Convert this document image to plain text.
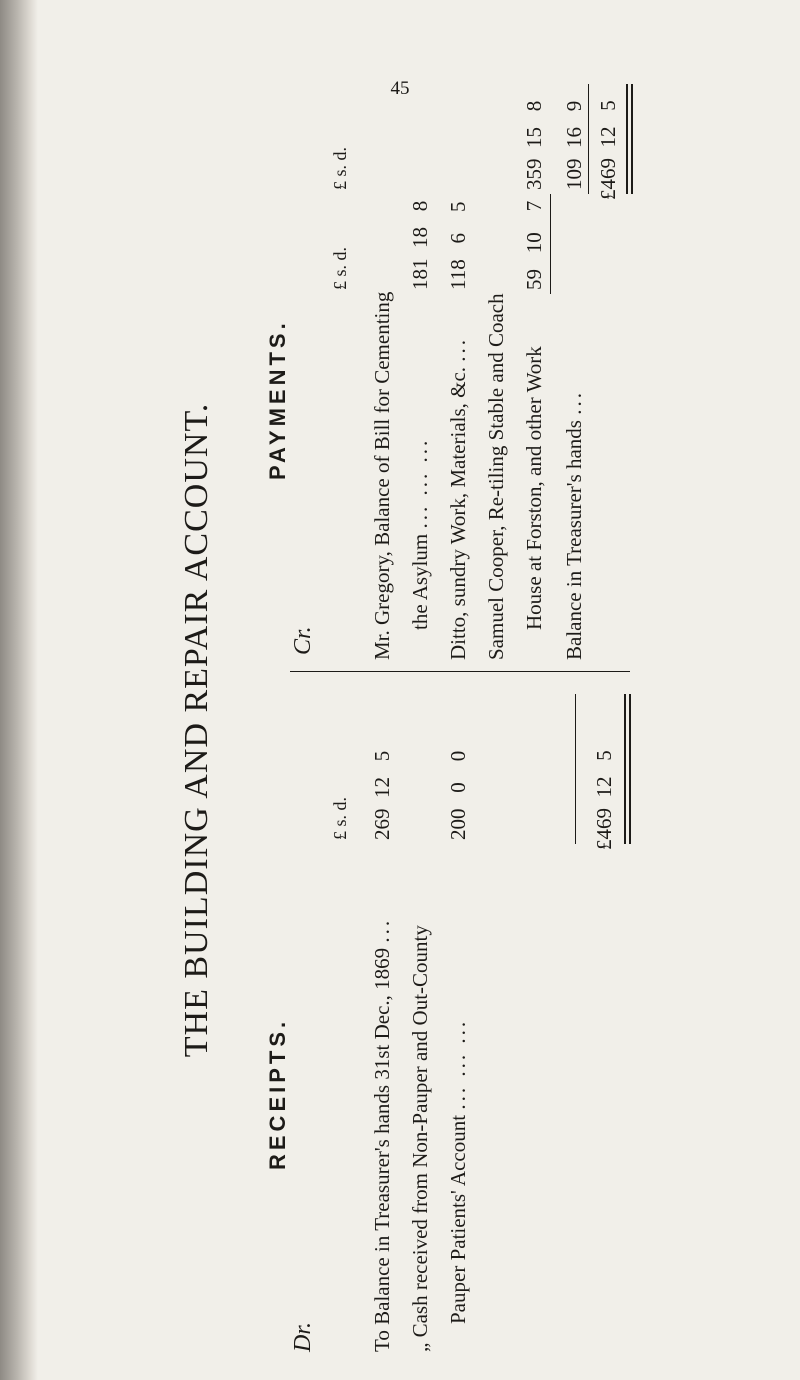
45
THE BUILDING AND REPAIR ACCOUNT.
Dr.
RECEIPTS.
£ s. d.
To Balance in Treasurer's hands 31st Dec., 1869 ...
269  12   5
„ Cash received from Non-Pauper and Out-County Pauper Patients' Account ... ... ...
200   0    0
£469  12   5
Cr.
PAYMENTS.
£ s. d.
£ s. d.
Mr. Gregory, Balance of Bill for Cementing the Asylum ... ... ...
181  18   8
Ditto, sundry Work, Materials, &c. ...
118   6    5
Samuel Cooper, Re-tiling Stable and Coach House at Forston, and other Work
59   10    7
359  15   8
Balance in Treasurer's hands ...
109  16   9
£469  12   5
